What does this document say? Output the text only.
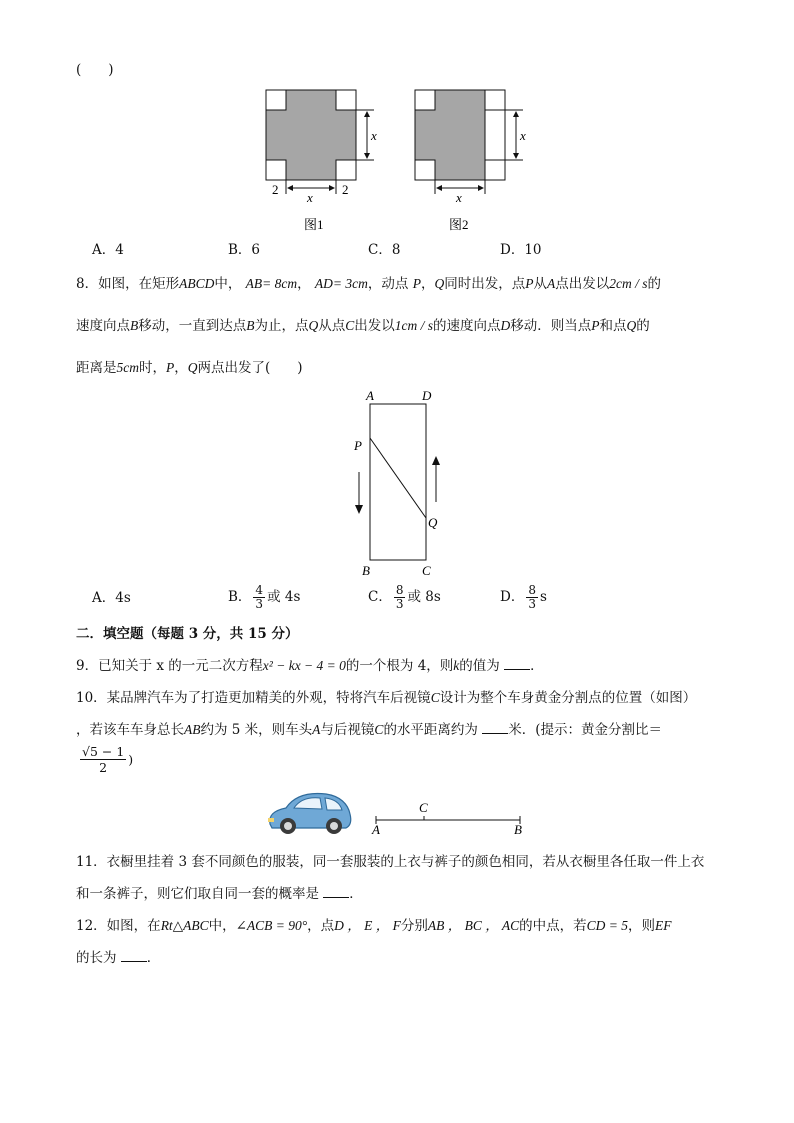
(　　)
2	2
x
x
图1
x
x
图2
A．4	B．6	C．8	D．10
8．如图，在矩形ABCD中， AB= 8cm， AD= 3cm，动点 P，Q同时出发，点P从A点出发以2cm / s的
速度向点B移动，一直到达点B为止，点Q从点C出发以1cm / s的速度向点D移动．则当点P和点Q的
距离是5cm时，P，Q两点出发了(　　)
A	D
B	C
P
Q
A．4s	B． $\frac{4}{3}$ 或 4s	C． $\frac{8}{3}$ 或 8s	D． $\frac{8}{3}$ s
二．填空题（每题 3 分，共 15 分）
9．已知关于 x 的一元二次方程x² − kx − 4 = 0的一个根为 4，则k的值为 ．
10．某品牌汽车为了打造更加精美的外观，特将汽车后视镜C设计为整个车身黄金分割点的位置（如图）
，若该车车身总长AB约为 5 米，则车头A与后视镜C的水平距离约为 米．(提示：黄金分割比＝
$\frac{√5 - 1}{2}$ )
A	B
C
11．衣橱里挂着 3 套不同颜色的服装，同一套服装的上衣与裤子的颜色相同，若从衣橱里各任取一件上衣
和一条裤子，则它们取自同一套的概率是 ．
12．如图，在Rt△ABC中，∠ACB = 90°，点D ， E ， F分别AB ， BC ， AC的中点，若CD = 5，则EF
的长为 ．
